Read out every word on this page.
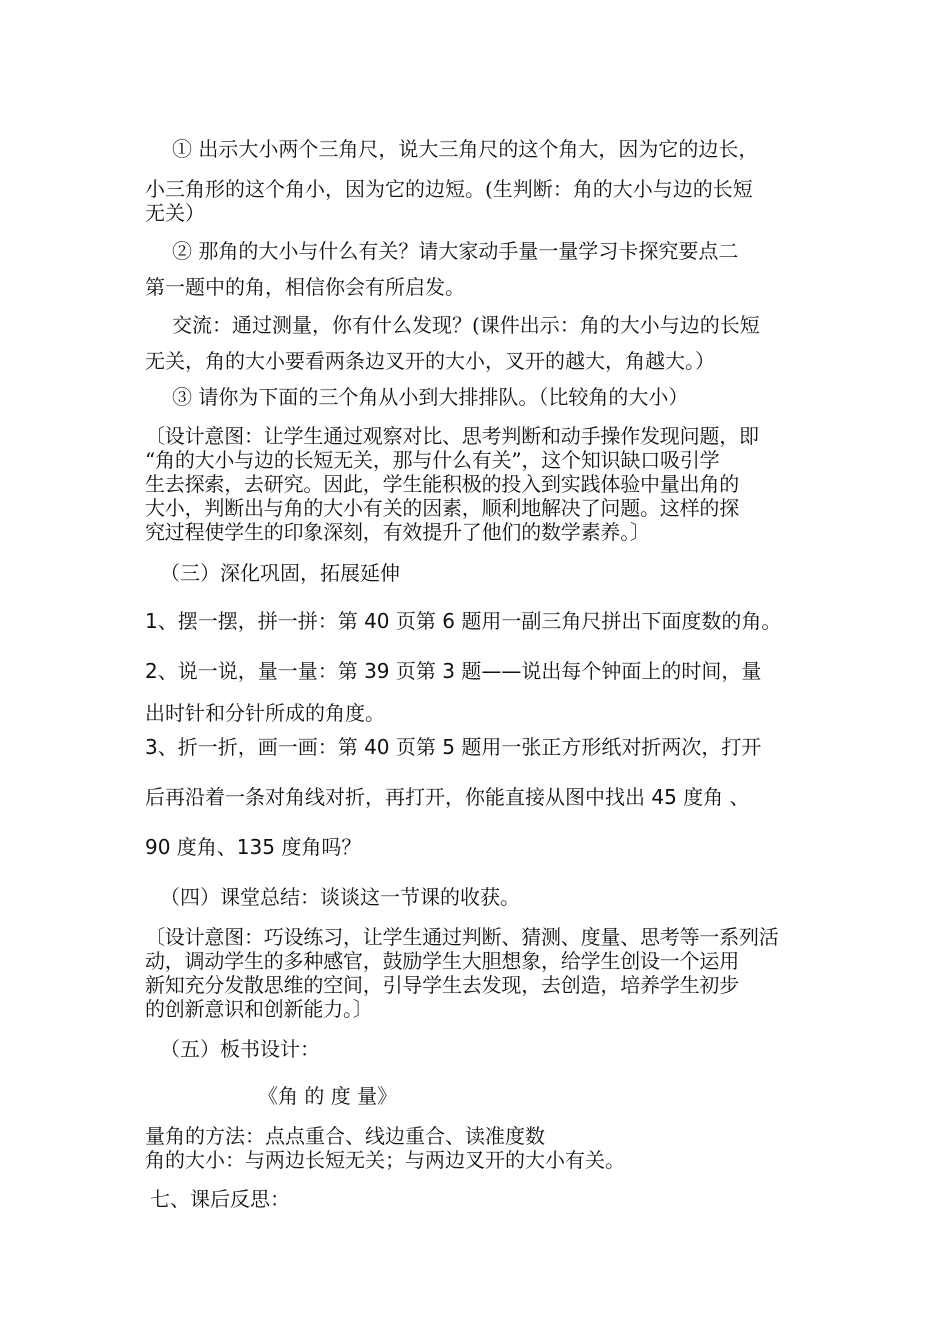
① 出示大小两个三角尺，说大三角尺的这个角大，因为它的边长，
小三角形的这个角小，因为它的边短。(生判断：角的大小与边的长短
无关）
② 那角的大小与什么有关？请大家动手量一量学习卡探究要点二
第一题中的角，相信你会有所启发。
交流：通过测量，你有什么发现？(课件出示：角的大小与边的长短
无关，角的大小要看两条边叉开的大小，叉开的越大，角越大。）
③ 请你为下面的三个角从小到大排排队。（比较角的大小）
〔设计意图：让学生通过观察对比、思考判断和动手操作发现问题，即
“角的大小与边的长短无关，那与什么有关”，这个知识缺口吸引学
生去探索，去研究。因此，学生能积极的投入到实践体验中量出角的
大小，判断出与角的大小有关的因素，顺利地解决了问题。这样的探
究过程使学生的印象深刻，有效提升了他们的数学素养。〕
（三）深化巩固，拓展延伸
1、摆一摆，拼一拼：第 40 页第 6 题用一副三角尺拼出下面度数的角。
2、说一说，量一量：第 39 页第 3 题——说出每个钟面上的时间，量
出时针和分针所成的角度。
3、折一折，画一画：第 40 页第 5 题用一张正方形纸对折两次，打开
后再沿着一条对角线对折，再打开，你能直接从图中找出 45 度角 、
90 度角、135 度角吗？
（四）课堂总结：谈谈这一节课的收获。
〔设计意图：巧设练习，让学生通过判断、猜测、度量、思考等一系列活
动，调动学生的多种感官，鼓励学生大胆想象，给学生创设一个运用
新知充分发散思维的空间，引导学生去发现，去创造，培养学生初步
的创新意识和创新能力。〕
（五）板书设计：
《角 的 度 量》
量角的方法：点点重合、线边重合、读准度数
角的大小：与两边长短无关；与两边叉开的大小有关。
七、课后反思：
